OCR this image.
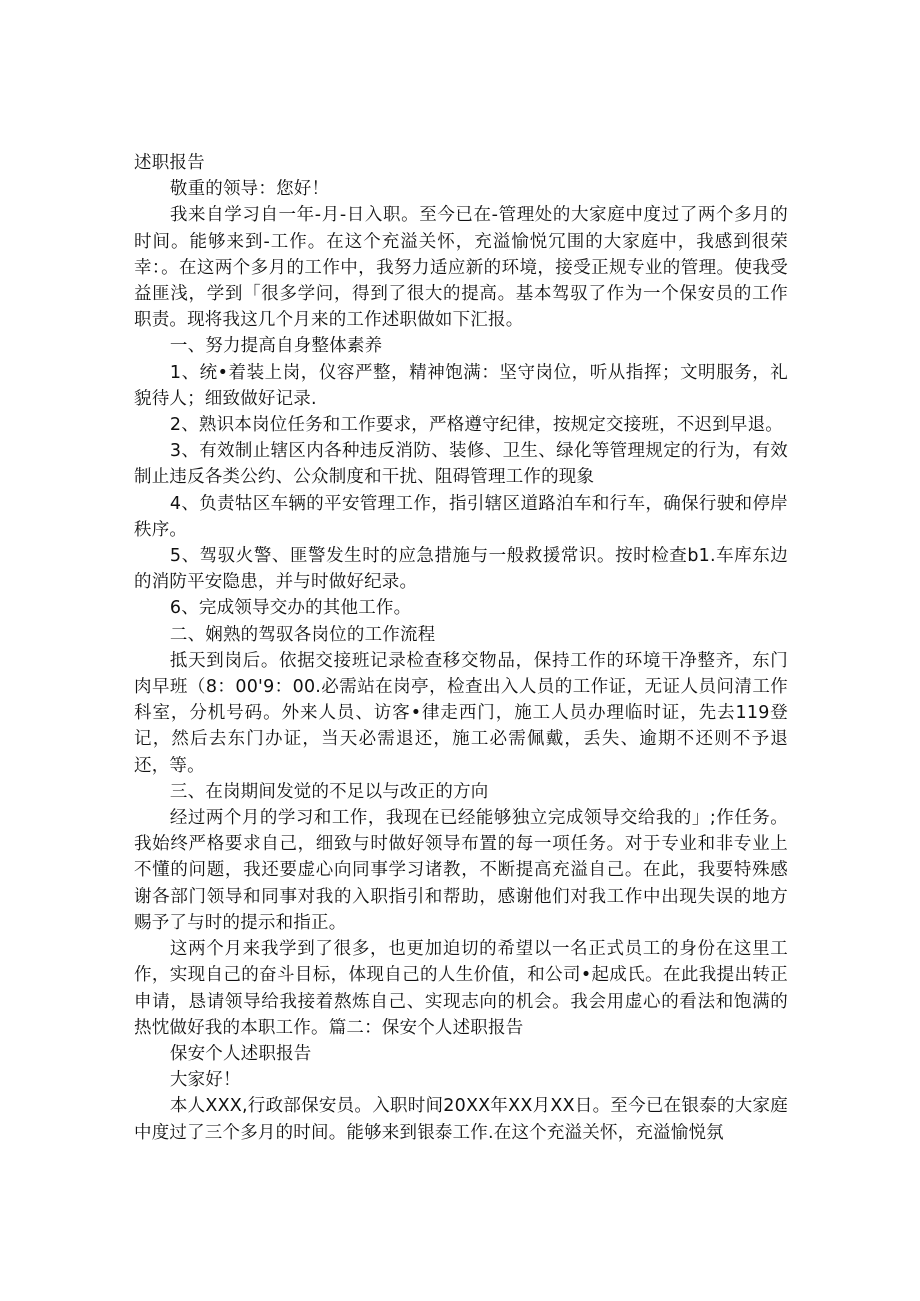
述职报告

敬重的领导：您好！

我来自学习自一年-月-日入职。至今已在-管理处的大家庭中度过了两个多月的时间。能够来到-工作。在这个充溢关怀，充溢愉悦冗围的大家庭中，我感到很荣幸：。在这两个多月的工作中，我努力适应新的环境，接受正规专业的管理。使我受益匪浅，学到「很多学问，得到了很大的提高。基本驾驭了作为一个保安员的工作职责。现将我这几个月来的工作述职做如下汇报。

一、努力提高自身整体素养

1、统•着装上岗，仪容严整，精神饱满：坚守岗位，听从指挥；文明服务，礼貌待人；细致做好记录.

2、熟识本岗位任务和工作要求，严格遵守纪律，按规定交接班，不迟到早退。

3、有效制止辖区内各种违反消防、装修、卫生、绿化等管理规定的行为，有效制止违反各类公约、公众制度和干扰、阻碍管理工作的现象

4、负责牯区车辆的平安管理工作，指引辖区道路泊车和行车，确保行驶和停岸秩序。

5、驾驭火警、匪警发生时的应急措施与一般救援常识。按时检查b1.车库东边的消防平安隐患，并与时做好纪录。

6、完成领导交办的其他工作。

二、娴熟的驾驭各岗位的工作流程

抵天到岗后。依据交接班记录检查移交物品，保持工作的环境干净整齐，东门肉早班（8：00'9：00.必需站在岗亭，检查出入人员的工作证，无证人员问清工作科室，分机号码。外来人员、访客•律走西门，施工人员办理临时证，先去119登记，然后去东门办证，当天必需退还，施工必需佩戴，丢失、逾期不还则不予退还，等。

三、在岗期间发觉的不足以与改正的方向

经过两个月的学习和工作，我现在已经能够独立完成领导交给我的」;作任务。我始终严格要求自己，细致与时做好领导布置的每一项任务。对于专业和非专业上不懂的问题，我还要虚心向同事学习诸教，不断提高充溢自己。在此，我要特殊感谢各部门领导和同事对我的入职指引和帮助，感谢他们对我工作中出现失误的地方赐予了与时的提示和指正。

这两个月来我学到了很多，也更加迫切的希望以一名正式员工的身份在这里工作，实现自己的奋斗目标，体现自己的人生价值，和公司•起成氏。在此我提出转正申请，恳请领导给我接着熬炼自己、实现志向的机会。我会用虚心的看法和饱满的热忱做好我的本职工作。篇二：保安个人述职报告

保安个人述职报告

大家好！

本人XXX,行政部保安员。入职时间20XX年XX月XX日。至今已在银泰的大家庭中度过了三个多月的时间。能够来到银泰工作.在这个充溢关怀，充溢愉悦氛
